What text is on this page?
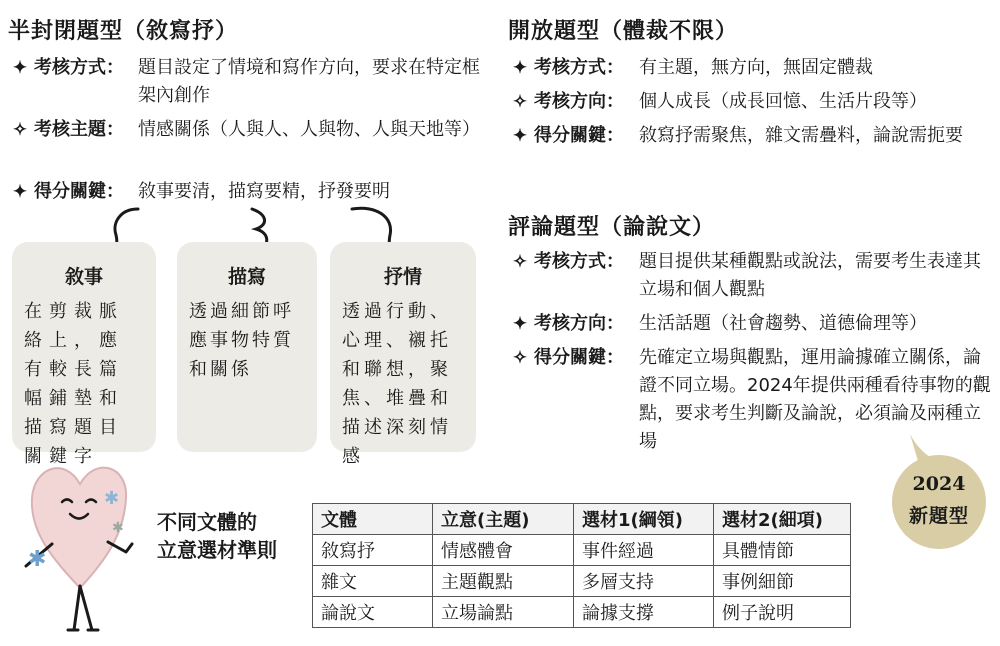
半封閉題型（敘寫抒）
✦ 考核方式： 題目設定了情境和寫作方向，要求在特定框架內創作
✧ 考核主題： 情感關係（人與人、人與物、人與天地等）
✦ 得分關鍵： 敘事要清，描寫要精，抒發要明
敘事
在剪裁脈絡上，應有較長篇幅鋪墊和描寫題目關鍵字
描寫
透過細節呼應事物特質和關係
抒情
透過行動、心理、襯托和聯想，聚焦、堆疊和描述深刻情感
開放題型（體裁不限）
✦ 考核方式： 有主題，無方向，無固定體裁
✧ 考核方向： 個人成長（成長回憶、生活片段等）
✦ 得分關鍵： 敘寫抒需聚焦，雜文需疊料，論說需扼要
評論題型（論說文）
✧ 考核方式： 題目提供某種觀點或說法，需要考生表達其立場和個人觀點
✦ 考核方向： 生活話題（社會趨勢、道德倫理等）
✧ 得分關鍵： 先確定立場與觀點，運用論據確立關係，論證不同立場。2024年提供兩種看待事物的觀點，要求考生判斷及論說，必須論及兩種立場
2024
新題型
✱
✱
✱
不同文體的
立意選材準則
文體	立意(主題)	選材1(綱領)	選材2(細項)
敘寫抒	情感體會	事件經過	具體情節
雜文	主題觀點	多層支持	事例細節
論說文	立場論點	論據支撐	例子說明
